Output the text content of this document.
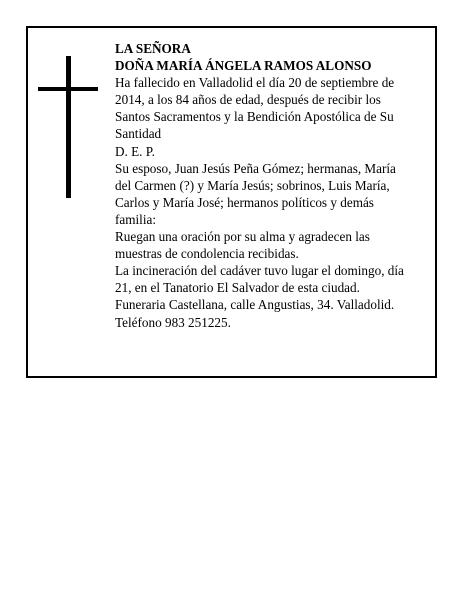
LA SEÑORA
DOÑA MARÍA ÁNGELA RAMOS ALONSO
Ha fallecido en Valladolid el día 20 de septiembre de
2014, a los 84 años de edad, después de recibir los
Santos Sacramentos y la Bendición Apostólica de Su
Santidad
D. E. P.
Su esposo, Juan Jesús Peña Gómez; hermanas, María
del Carmen (?) y María Jesús; sobrinos, Luis María,
Carlos y María José; hermanos políticos y demás
familia:
Ruegan una oración por su alma y agradecen las
muestras de condolencia recibidas.
La incineración del cadáver tuvo lugar el domingo, día
21, en el Tanatorio El Salvador de esta ciudad.
Funeraria Castellana, calle Angustias, 34. Valladolid.
Teléfono 983 251225.
